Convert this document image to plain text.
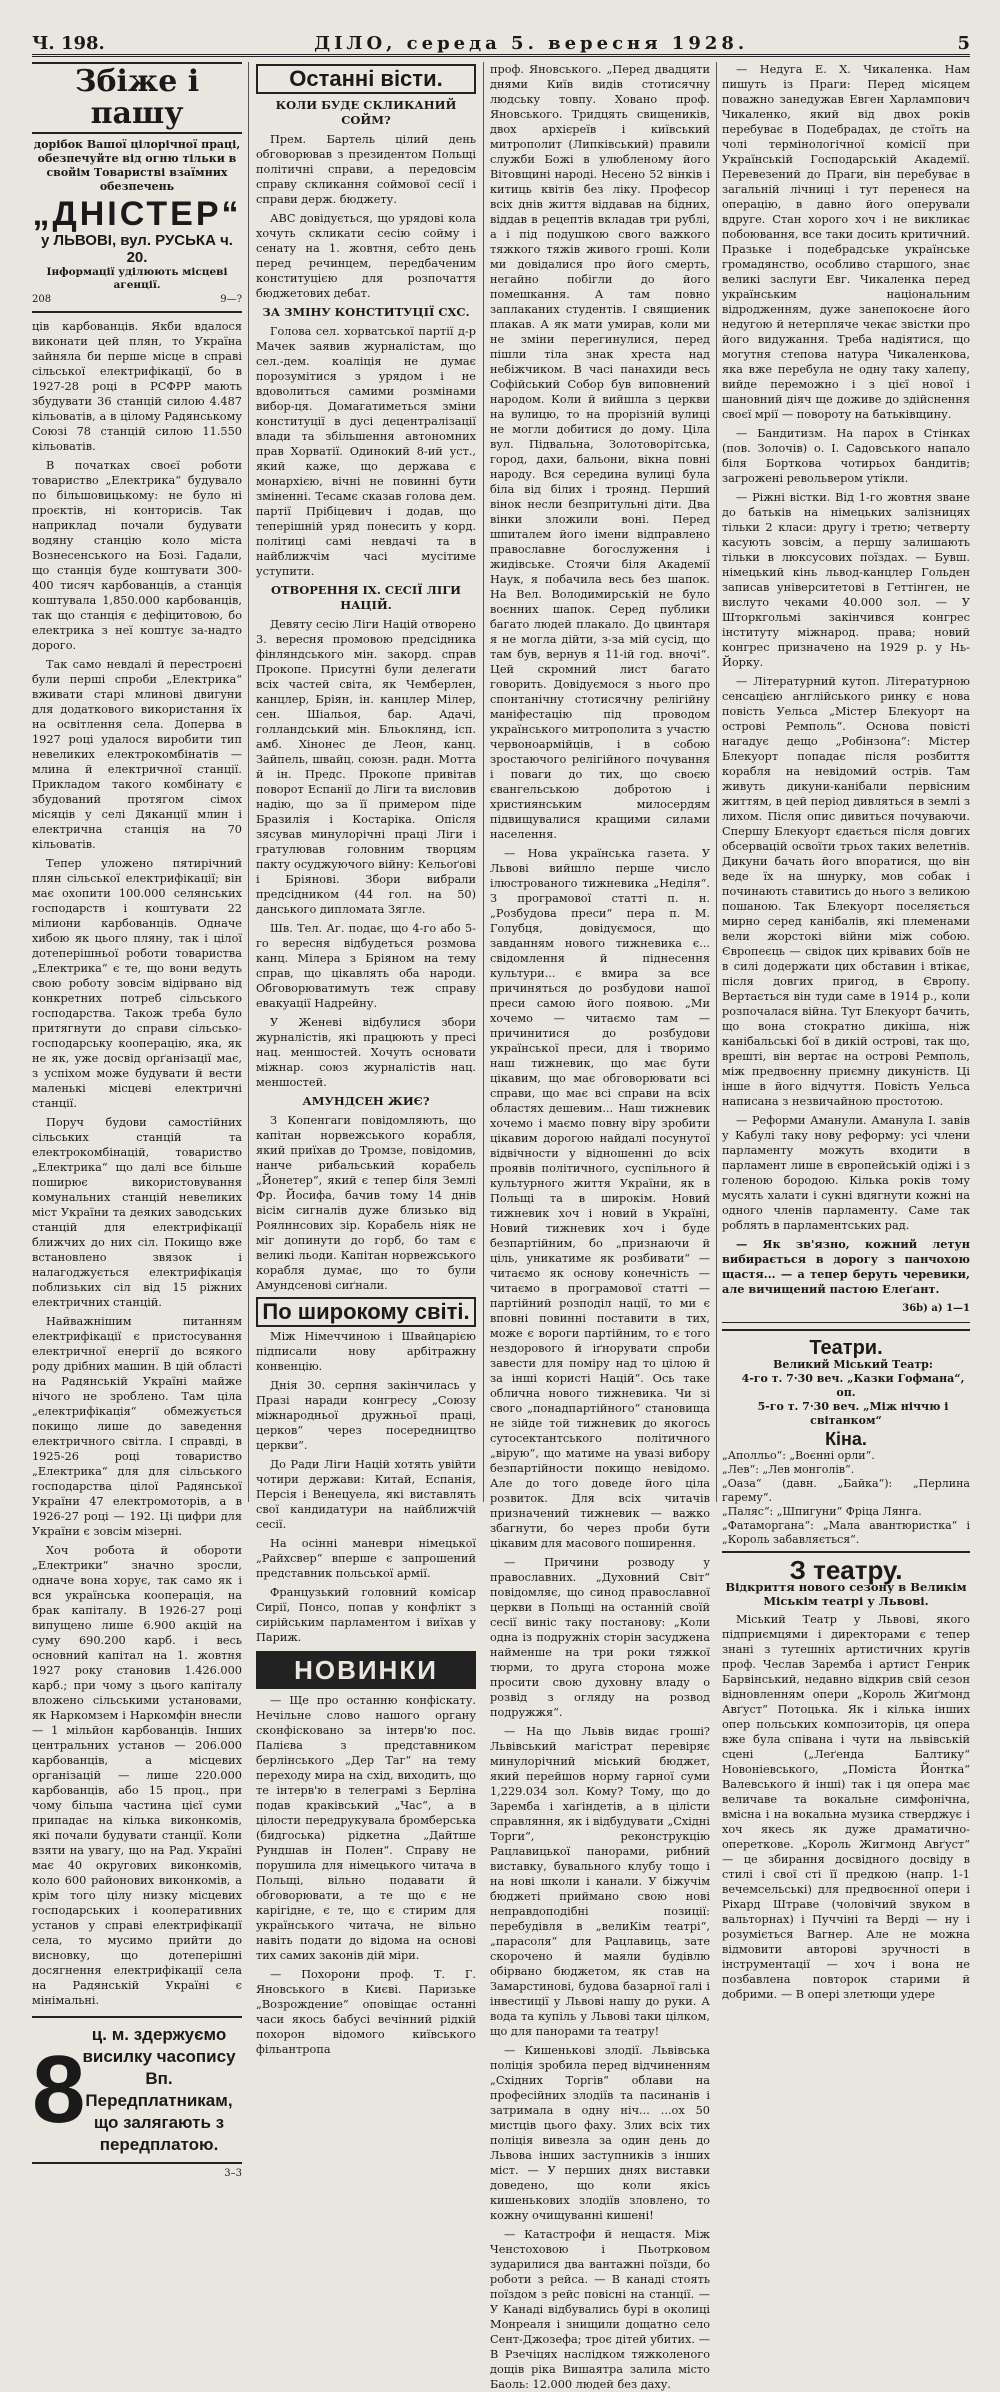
Ч. 198.	ДІЛО, середа 5. вересня 1928.	5
Збіже і пашу
дорібок Вашої цілорічної праці, обезпечуйте від огню тільки в свойім Товаристві взаїмних обезпечень
„ДНІСТЕР“
у ЛЬВОВІ, вул. РУСЬКА ч. 20.
Інформації уділюють місцеві агенції.
208	9—?

ців карбованців. Якби вдалося виконати цей плян, то Україна зайняла би перше місце в справі сільської електрифікації, бо в 1927-28 році в РСФРР мають збудувати 36 станцій силою 4.487 кільоватів, а в цілому Радянському Союзі 78 станцій силою 11.550 кільоватів.

В початках своєї роботи товариство „Електрика“ будувало по більшовицькому: не було ні проєктів, ні конторисів. Так наприклад почали будувати водяну станцію коло міста Вознесенського на Бозі. Гадали, що станція буде коштувати 300-400 тисяч карбованців, а станція коштувала 1,850.000 карбованців, так що станція є дефіцитовою, бо електрика з неї коштує за-надто дорого.

Так само невдалі й перестроєні були перші спроби „Електрика“ вживати старі млинові двигуни для додаткового використання їх на освітлення села. Доперва в 1927 році удалося виробити тип невеликих електрокомбінатів — млина й електричної станції. Прикладом такого комбінату є збудований протягом сімох місяців у селі Дяканції млин і електрична станція на 70 кільоватів.

Тепер уложено пятирічний плян сільської електрифікації; він має охопити 100.000 селянських господарств і коштувати 22 мілиони карбованців. Одначе хибою як цього пляну, так і цілої дотеперішньої роботи товариства „Електрика“ є те, що вони ведуть свою роботу зовсім відірвано від конкретних потреб сільського господарства. Також треба було притягнути до справи сільсько-господарську кооперацію, яка, як не як, уже досвід орґанізації має, з успіхом може будувати й вести маленькі місцеві електричні станції.

Поруч будови самостійних сільських станцій та електрокомбінацій, товариство „Електрика“ що далі все більше поширює використовування комунальних станцій невеликих міст України та деяких заводських станцій для електрифікації ближчих до них сіл. Покищо вже встановлено звязок і налагоджується електрифікація поблизьких сіл від 15 ріжних електричних станцій.

Найважнішим питанням електрифікації є пристосування електричної енергії до всякого роду дрібних машин. В цій області на Радянській Україні майже нічого не зроблено. Там ціла „електрифікація“ обмежується покищо лише до заведення електричного світла. І справді, в 1925-26 році товариство „Електрика“ для для сільського господарства цілої Радянської України 47 електромоторів, а в 1926-27 році — 192. Ці цифри для України є зовсім мізерні.

Хоч робота й обороти „Електрики“ значно зросли, одначе вона хорує, так само як і вся українська кооперація, на брак капіталу. В 1926-27 році випущено лише 6.900 акцій на суму 690.200 карб. і весь основний капітал на 1. жовтня 1927 року становив 1.426.000 карб.; при чому з цього капіталу вложено сільськими установами, як Наркомзем і Наркомфін внесли — 1 мільйон карбованців. Інших центральних установ — 206.000 карбованців, а місцевих організацій — лише 220.000 карбованців, або 15 проц., при чому більша частина цієї суми припадає на кілька виконкомів, які почали будувати станції. Коли взяти на увагу, що на Рад. Україні має 40 округових виконкомів, коло 600 районових виконкомів, а крім того цілу низку місцевих господарських і кооперативних установ у справі електрифікації села, то мусимо прийти до висновку, що дотеперішні досягнення електрифікації села на Радянській Україні є мінімальні.

8
ц. м. здержуємо висилку часопису Вп. Передплатникам, що залягають з передплатою.
3–3
Останні вісти.
КОЛИ БУДЕ СКЛИКАНИЙ СОЙМ?

Прем. Бартель цілий день обговорював з президентом Польщі політичні справи, а передовсім справу скликання соймової сесії і справи держ. бюджету.

АВС довідується, що урядові кола хочуть скликати сесію сойму і сенату на 1. жовтня, себто день перед речинцем, передбаченим конституцією для розпочаття бюджетових дебат.

ЗА ЗМІНУ КОНСТИТУЦІЇ СХС.

Голова сел. хорватської партії д-р Мачек заявив журналістам, що сел.-дем. коаліція не думає порозумітися з урядом і не вдоволиться самими розмінами вибор-ця. Домагатиметься зміни конституції в дусі децентралізації влади та збільшення автономних прав Хорватії. Одинокий 8-ий уст., який каже, що держава є монархією, вічні не повинні бути зміненні. Тесамє сказав голова дем. партії Прібіцевич і додав, що теперішній уряд понесить у корд. політиці самі невдачі та в найближчім часі мусітиме уступити.

ОТВОРЕННЯ IX. СЕСІЇ ЛІГИ НАЦІЙ.

Девяту сесію Ліги Націй отворено 3. вересня промовою предсідника фінляндського мін. закорд. справ Прокопе. Присутні були делегати всіх частей світа, як Чемберлен, канцлер, Бріян, ін. канцлер Мілер, сен. Шіальоя, бар. Адачі, голландський мін. Бльоклянд, ісп. амб. Хінонес де Леон, канц. Зайпель, швайц. союзн. радн. Мотта й ін. Предс. Прокопе привітав поворот Еспанії до Ліги та висловив надію, що за її примером піде Бразилія і Костаріка. Опісля зясував минулорічні праці Ліги і гратулював головним творцям пакту осуджуючого війну: Кельоґові і Бріянові. Збори вибрали предсідником (44 гол. на 50) данського дипломата Зягле.

Шв. Тел. Аг. подає, що 4-го або 5-го вересня відбудеться розмова канц. Мілера з Бріяном на тему справ, що цікавлять оба народи. Обговорюватимуть теж справу евакуації Надрейну.

У Женеві відбулися збори журналістів, які працюють у пресі нац. меншостей. Хочуть основати міжнар. союз журналістів нац. меншостей.

АМУНДСЕН ЖИЄ?

З Копенгаги повідомляють, що капітан норвежського корабля, який приїхав до Тромзе, повідомив, нанче рибальський корабель „Йонетер“, який є тепер біля Землі Фр. Йосифа, бачив тому 14 днів вісім сигналів дуже близько від Роялннсових зір. Корабель ніяк не міг допинути до горб, бо там є великі льоди. Капітан норвежського корабля думає, що то були Амундсенові сиґнали.

По широкому світі.

Між Німеччиною і Швайцарією підписали нову арбітражну конвенцію.

Днія 30. серпня закінчилась у Празі наради конгресу „Союзу міжнародньої дружньої праці, церков“ через посередництво церкви“.

До Ради Ліги Націй хотять увійти чотири держави: Китай, Еспанія, Персія і Венецуела, які виставлять свої кандидатури на найближчій сесії.

На осінні маневри німецької „Райхсвер“ вперше є запрошений представник польської армії.

Французький головний комісар Сирії, Понсо, попав у конфлікт з сирійським парламентом і виїхав у Париж.

НОВИНКИ

— Ще про останню конфіскату. Нечільне слово нашого органу сконфісковано за інтерв'ю пос. Палієва з представником берлінського „Дер Таг“ на тему переходу мира на схід, виходить, що те інтерв'ю в телеграмі з Берліна подав краківський „Час“, а в цілости передрукувала бромберська (бидгоська) рідкетна „Дайтше Рундшав ін Полен“. Справу не порушила для німецького читача в Польщі, вільно подавати й обговорювати, а те що є не карігідне, є те, що є стирим для українського читача, не вільно навіть подати до відома на основі тих самих законів дій міри.

— Похорони проф. Т. Г. Яновського в Києві. Паризьке „Возрождение“ оповіщає останні часи якось бабусі вечінний рідкій похорон відомого київського фільантропа

проф. Яновського. „Перед двадцяти днями Київ видів стотисячну людську товпу. Ховано проф. Яновського. Тридцять свищеників, двох архієреїв і київський митрополит (Липківський) правили служби Божі в улюбленому його Вітовщині народі. Несено 52 вінків і китиць квітів без ліку. Професор всіх днів життя віддавав на бідних, віддав в рецептів вкладав три рублі, а і під подушкою свого важкого тяжкого тяжів живого гроші. Коли ми довідалися про його смерть, негайно побігли до його помешкання. А там повно заплаканих студентів. І свящиеник плакав. А як мати умирав, коли ми не зміни перегинулися, перед пішли тіла знак хреста над небіжчиком. В часі панахиди весь Софійський Собор був виповнений народом. Коли й вийшла з церкви на вулицю, то на прорізній вулиці не могли добитися до дому. Ціла вул. Підвальна, Золотоворітська, город, дахи, бальони, вікна повні народу. Вся середина вулиці була біла від білих і троянд. Перший вінок несли безпритульні діти. Два вінки зложили воні. Перед шпиталем його імени відправлено православне богослуження і жидівське. Стоячи біля Академії Наук, я побачила весь без шапок. На Вел. Володимирській не було воєнних шапок. Серед публики багато людей плакало. До цвинтаря я не могла дійти, з-за мій сусід, що там був, вернув я 11-ій год. вночі“. Цей скромний лист багато говорить. Довідуємося з нього про спонтанічну стотисячну релігійну маніфестацію під проводом українського митрополита з участю червоноармійців, і в собою зростаючого релігійного почування і поваги до тих, що своєю євангельською добротою і християнським милосердям підвищувалися кращими силами населення.

— Нова українська газета. У Львові вийшло перше число ілюстрованого тижневика „Неділя“. З програмової статті п. н. „Розбудова преси“ пера п. М. Голубця, довідуємося, що завданням нового тижневика є... свідомлення й піднесення культури... є вмира за все причиняться до розбудови нашої преси самою його появою. „Ми хочемо — читаємо там — причинитися до розбудови української преси, для і творимо наш тижневик, що має бути цікавим, що має обговорювати всі справи, що має всі справи на всіх областях дешевим... Наш тижневик хочемо і маємо повну віру зробити цікавим дорогою найдалі посунутої відвічности у відношенні до всіх проявів політичного, суспільного й культурного життя України, як в Польщі та в широкім. Новий тижневик хоч і новий в Україні, Новий тижневик хоч і буде безпартійним, бо „признаючи й ціль, уникатиме як розбивати“ — читаємо як основу конечність — читаємо в програмової статті — партійний розподіл нації, то ми є вповні повинні поставити в тих, може є вороги партійним, то є того нездорового й іґнорувати спроби завести для поміру над то цілою й за інші користі Націй“. Ось таке облична нового тижневика. Чи зі свого „понадпартійного“ становища не зійде той тижневик до якогось сутосектантського політичного „вірую“, що матиме на увазі вибору безпартійности покищо невідомо. Але до того доведе його ціла розвиток. Для всіх читачів призначений тижневик — важко збагнути, бо через проби бути цікавим для масового поширення.

— Причини розводу у православних. „Духовний Світ“ повідомляє, що синод православної церкви в Польщі на останній своїй сесії виніс таку постанову: „Коли одна із подружніх сторін засуджена найменше на три роки тяжкої тюрми, то друга сторона може просити свою духовну владу о розвід з огляду на розвод подружжя“.

— На що Львів видає гроші? Львівський магістрат перевіряє минулорічний міський бюджет, який перейшов норму гарної суми 1,229.034 зол. Кому? Тому, що до Заремба і хаґіндетів, а в цілісти справляння, як і відбудувати „Східні Торги“, реконструкцію Рацлавицької панорами, рибний виставку, бувального клубу тощо і на нові школи і канали. У біжучім бюджеті приймано свою нові неправдоподібні позиції: перебудівля в „велиКім театрі“, „парасоля“ для Рацлавиць, зате скорочено й маяли будівлю обірвано бюджетом, як став на Замарстинові, будова базарної галі і інвестиції у Львові нашу до руки. А вода та купіль у Львові таки цілком, що для панорами та театру!

— Кишенькові злодії. Львівська поліція зробила перед відчиненням „Східних Торгів“ облави на професійних злодіїв та пасинанів і затримала в одну ніч... ...ох 50 мистців цього фаху. Злих всіх тих поліція вивезла за один день до Львова інших заступників з інших міст. — У перших днях виставки доведено, що коли якісь кишенькових злодіїв зловлено, то кожну очищуванні кишені!

— Катастрофи й нещастя. Між Ченстоховою і Пьотрковом зударилися два вантажні поїзди, бо роботи з рейса. — В канаді стоять поїздом з рейс повісні на станції. — У Канаді відбувались бурі в околиці Монреаля і знищили дощатно село Сент-Джозефа; троє дітей убитих. — В Рзечіцях наслідком тяжколеного дощів ріка Вишаятра залила місто Баоль: 12.000 людей без даху.

— Недуга Е. Х. Чикаленка. Нам пишуть із Праги: Перед місяцем поважно занедужав Евген Харлампович Чикаленко, який від двох років перебуває в Подебрадах, де стоїть на чолі термінологічної комісії при Українській Господарській Академії. Перевезений до Праги, він перебуває в загальній лічниці і тут перенеся на операцію, в давно його оперували вдруге. Стан хорого хоч і не викликає побоювання, все таки досить критичний. Празьке і подебрадське українське громадянство, особливо старшого, знає великі заслуги Евг. Чикаленка перед українським національним відродженням, дуже занепокоєне його недугою й нетерпляче чекає звістки про його видужання. Треба надіятися, що могутня степова натура Чикаленкова, яка вже перебула не одну таку халепу, вийде переможно і з цієї нової і шановний діяч ще доживе до здійснення своєї мрії — повороту на батьківщину.

— Бандитизм. На парох в Стінках (пов. Золочів) о. І. Садовського напало біля Борткова чотирьох бандитів; загрожені револьвером утікли.

— Ріжні вістки. Від 1-го жовтня зване до батьків на німецьких залізницях тільки 2 класи: другу і третю; четверту касують зовсім, а першу залишають тільки в люксусових поїздах. — Бувш. німецький кінь львод-канцлер Гольден записав університетові в Геттінген, не вислуто чеками 40.000 зол. — У Шторкгольмі закінчився конгрес інституту міжнарод. права; новий конгрес призначено на 1929 р. у Нь-Йорку.

— Літературний кутоп. Літературною сенсацією англійського ринку є нова повість Уельса „Містер Блекуорт на острові Ремполь“. Основа повісті нагадує дещо „Робінзона“: Містер Блекуорт попадає після розбиття корабля на невідомий острів. Там живуть дикуни-канібали первісним життям, в цей період дивляться в землі з лихом. Після опис дивиться почуваючи. Спершу Блекуорт єдається після довгих обсервацій освоїти трьох таких велетнів. Дикуни бачать його впоратися, що він веде їх на шнурку, мов собак і починають ставитись до нього з великою пошаною. Так Блекуорт поселяється мирно серед канібалів, які племенами вели жорстокі війни між собою. Європеєць — свідок цих крівавих боїв не в силі додержати цих обставин і втікає, після довгих пригод, в Європу. Вертається він туди саме в 1914 р., коли розпочалася війна. Тут Блекуорт бачить, що вона стократно дикіша, ніж канібальські бої в дикій острові, так що, врешті, він вертає на острові Ремполь, між предвоєнну приємну дикуніств. Ці інше в його відчуття. Повість Уельса написана з незвичайною простотою.

— Реформи Аманули. Аманула І. завів у Кабулі таку нову реформу: усі члени парламенту можуть входити в парламент лише в європейській одіжі і з голеною бородою. Кілька років тому мусять халати і сукні вдягнути кожні на одного членів парламенту. Саме так роблять в парламентських рад.

— Як зв'язно, кожний летун вибирається в дорогу з панчохою щастя... — а тепер беруть черевики, але вичищений пастою Елеґант.

36b) a) 1—1
Театри.

Великий Міський Театр:

4-го т. 7·30 веч. „Казки Гофмана“, оп.

5-го т. 7·30 веч. „Між ніччю і світанком“

Кіна.

„Аполльо“: „Воєнні орли“.

„Лев“: „Лев монголів“.

„Оаза“ (давн. „Байка“): „Перлина гарему“.

„Паляс“: „Шпигуни“ Фріца Лянга.

„Фатаморгана“: „Мала авантюристка“ і „Король забавляється“.

З театру.
Відкриття нового сезону в Великім Міськім театрі у Львові.

Міський Театр у Львові, якого підприємцями і директорами є тепер знані з тутешніх артистичних кругів проф. Чеслав Заремба і артист Генрик Барвінський, недавно відкрив свій сезон відновленням опери „Король Жиґмонд Авґуст“ Потоцька. Як і кілька інших опер польських композиторів, ця опера вже була співана і чути на львівській сцені („Леґенда Балтику“ Новоніевського, „Поміста Йонтка“ Валевського й інші) так і ця опера має величаве та вокальне симфонічна, вмісна і на вокальна музика стверджує і хоч якесь як дуже драматично-опереткове. „Король Жигмонд Авґуст“ — це збирання досвідного досвіду в стилі і свої сті її предкою (напр. 1-1 вечемсельські) для предвоєнної опери і Ріхард Штраве (чоловічий звуком в вальторнах) і Пуччіні та Верді — ну і розуміється Вагнер. Але не можна відмовити авторові зручності в інструментації — хоч і вона не позбавлена повторок старими й добрими. — В опері злетющи удере
